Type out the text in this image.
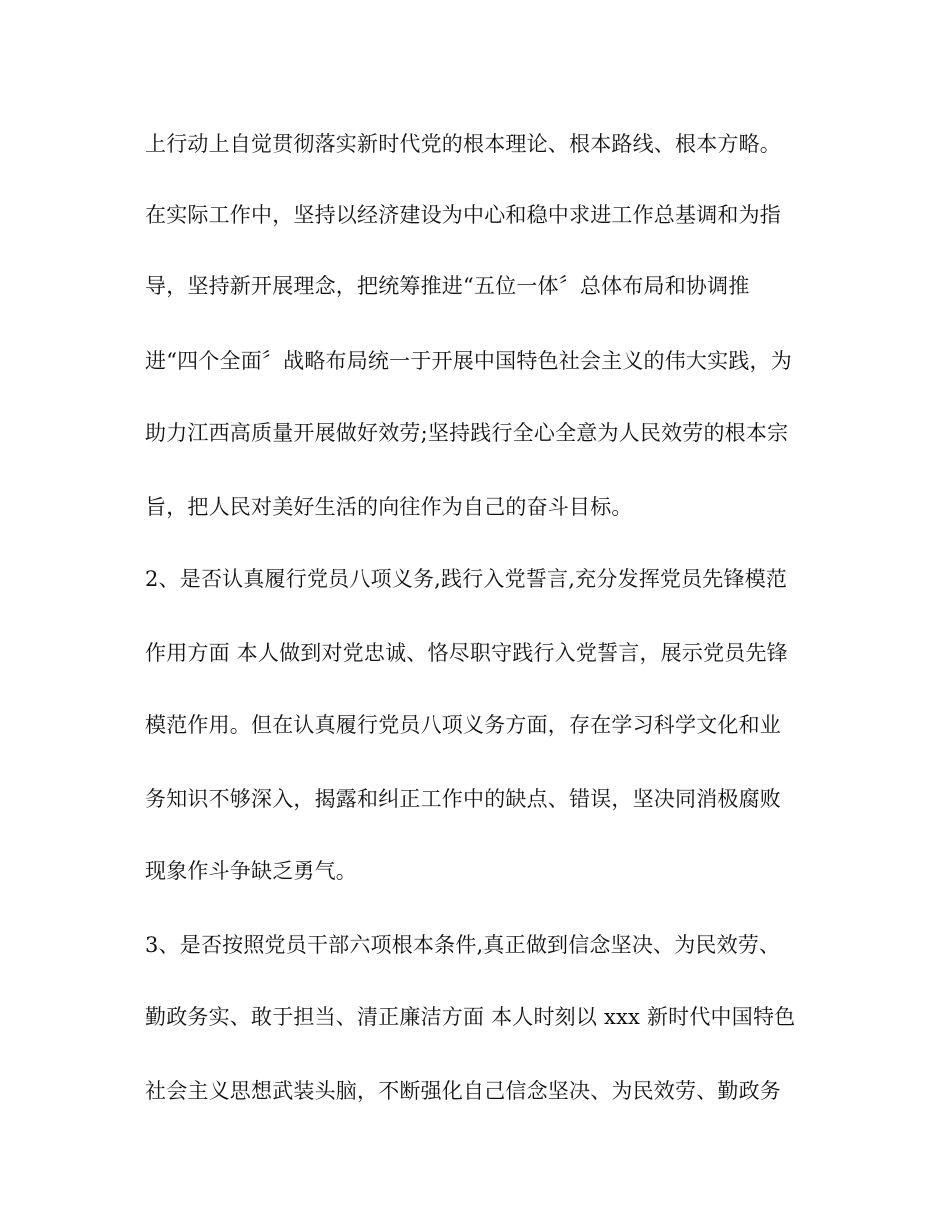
上行动上自觉贯彻落实新时代党的根本理论、根本路线、根本方略。
在实际工作中，坚持以经济建设为中心和稳中求进工作总基调和为指
导，坚持新开展理念，把统筹推进“五位一体〞总体布局和协调推
进“四个全面〞战略布局统一于开展中国特色社会主义的伟大实践，为
助力江西高质量开展做好效劳;坚持践行全心全意为人民效劳的根本宗
旨，把人民对美好生活的向往作为自己的奋斗目标。
2、是否认真履行党员八项义务,践行入党誓言,充分发挥党员先锋模范
作用方面 本人做到对党忠诚、恪尽职守践行入党誓言，展示党员先锋
模范作用。但在认真履行党员八项义务方面，存在学习科学文化和业
务知识不够深入，揭露和纠正工作中的缺点、错误，坚决同消极腐败
现象作斗争缺乏勇气。
3、是否按照党员干部六项根本条件,真正做到信念坚决、为民效劳、
勤政务实、敢于担当、清正廉洁方面 本人时刻以 xxx 新时代中国特色
社会主义思想武装头脑，不断强化自己信念坚决、为民效劳、勤政务
